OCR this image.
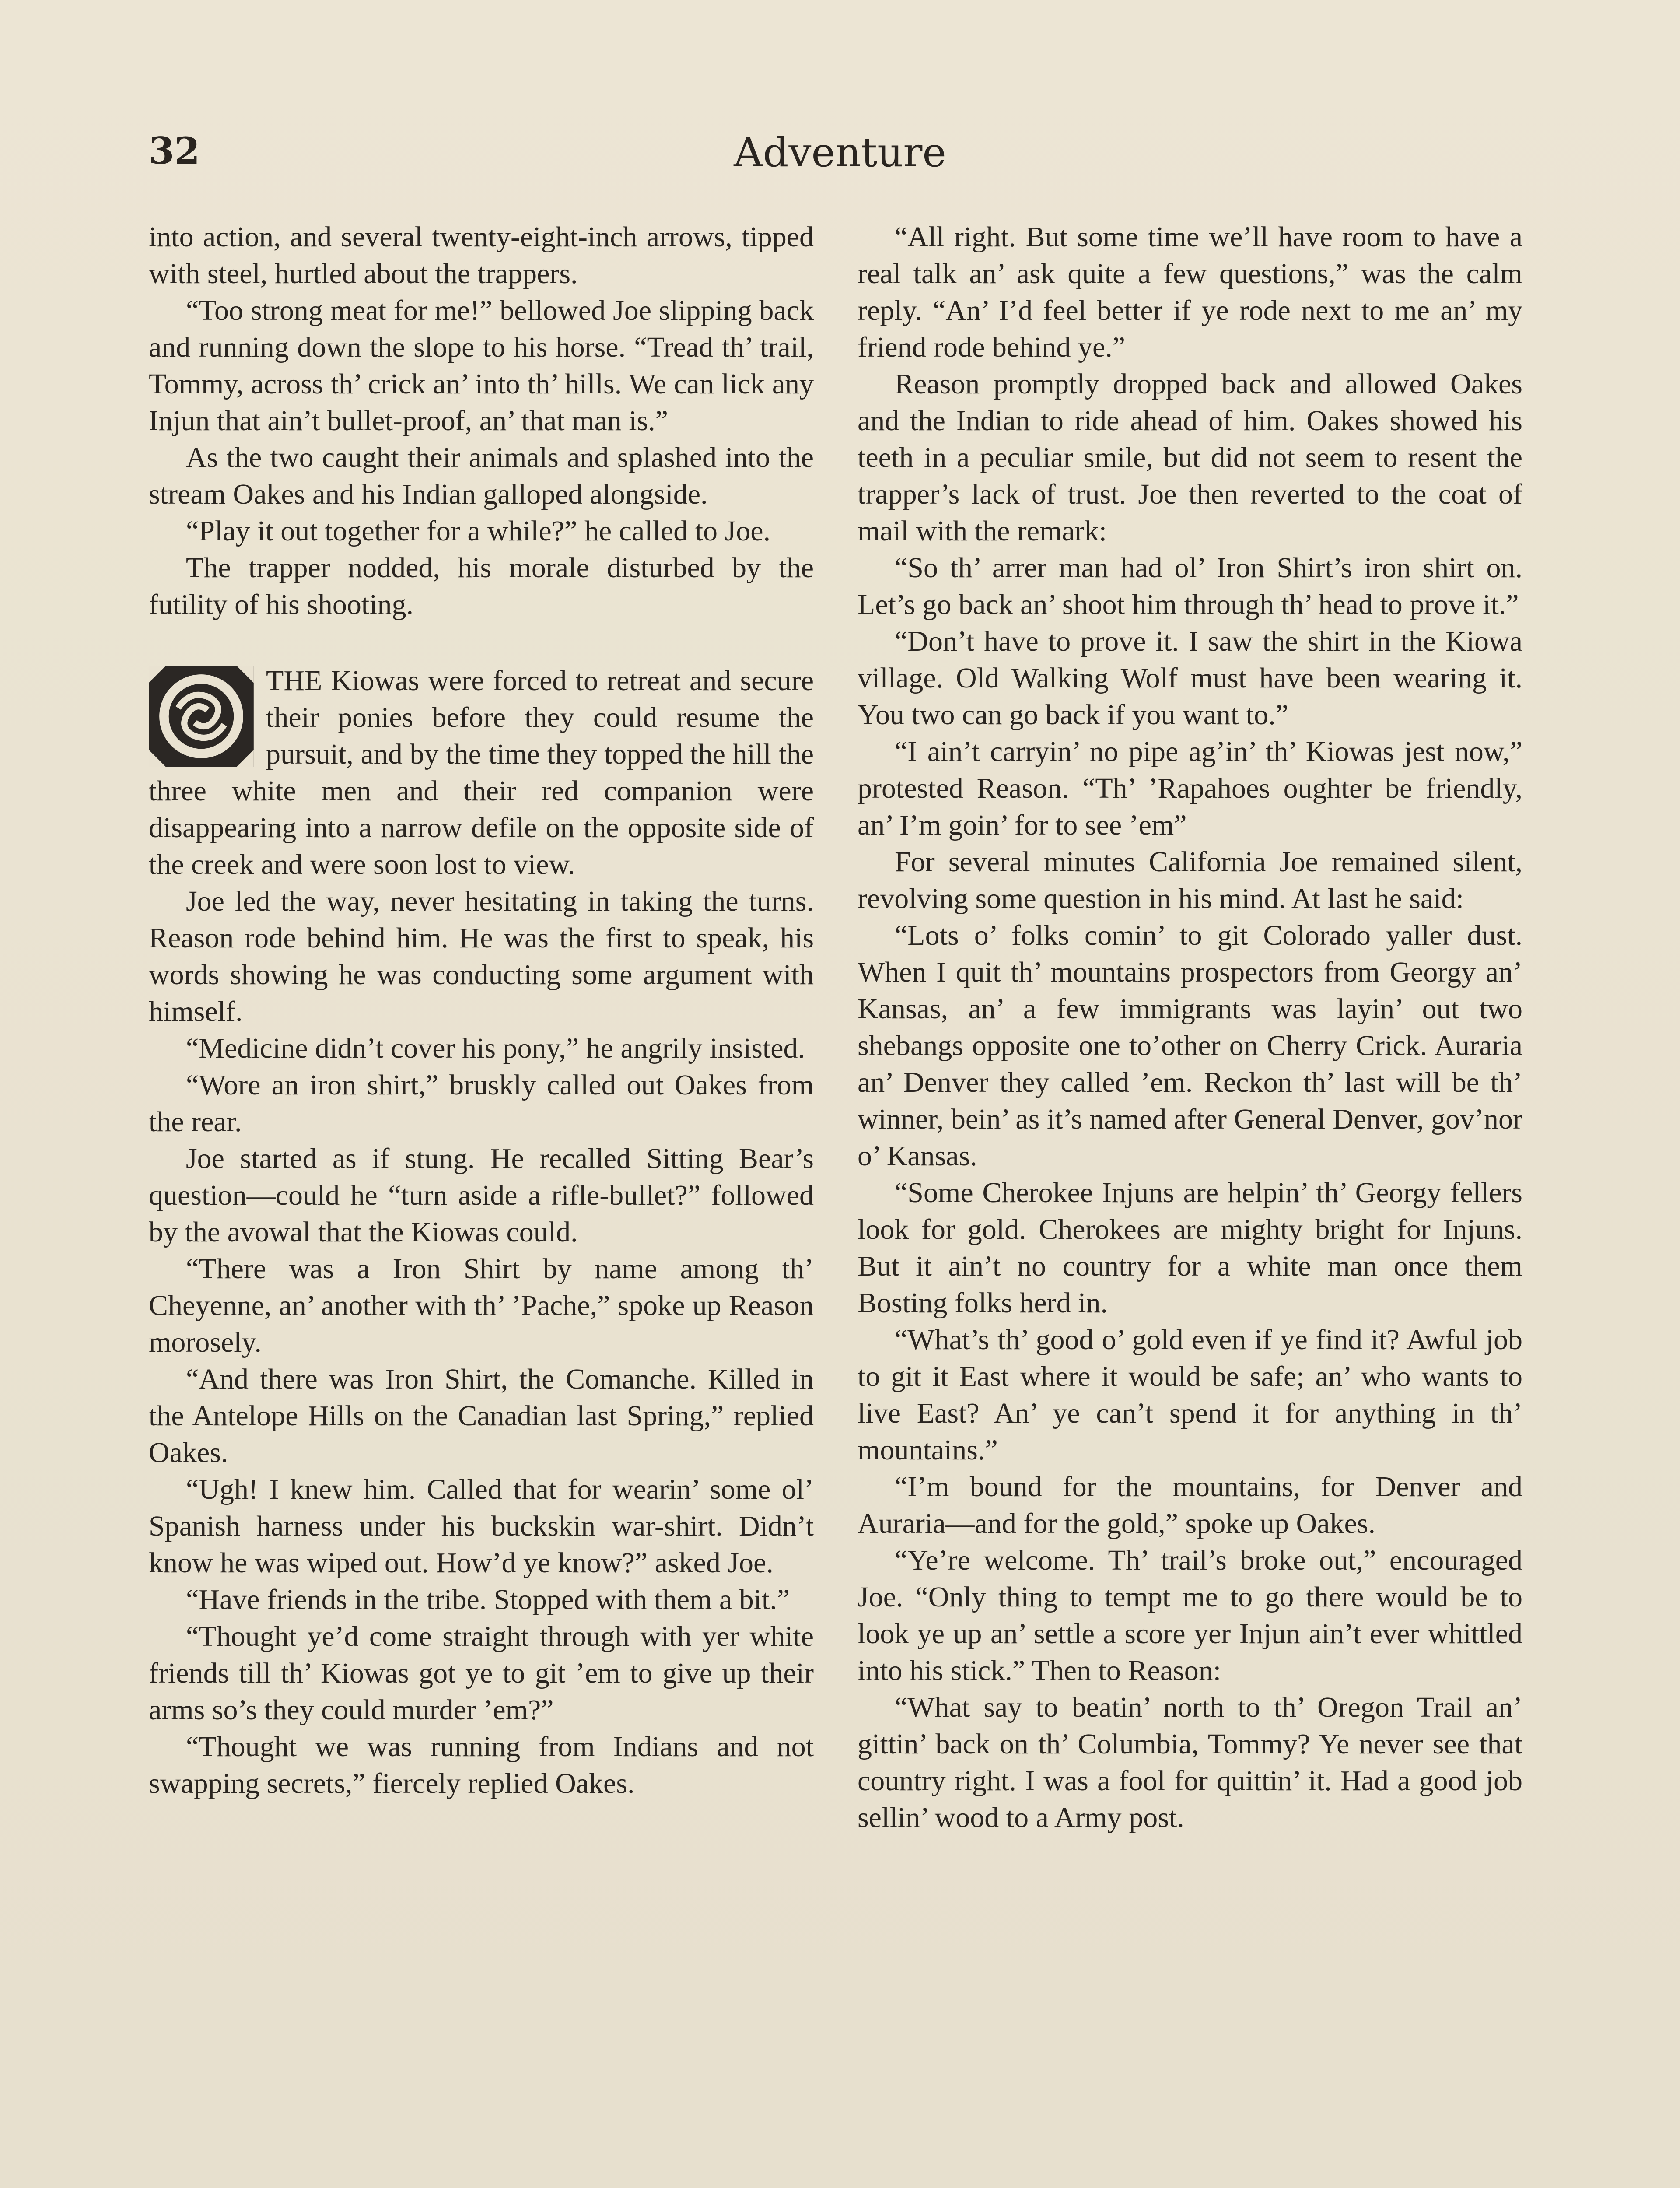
32	Adventure

into action, and several twenty-eight-inch arrows, tipped with steel, hurtled about the trappers.

“Too strong meat for me!” bellowed Joe slipping back and running down the slope to his horse. “Tread th’ trail, Tommy, across th’ crick an’ into th’ hills. We can lick any Injun that ain’t bullet-proof, an’ that man is.”

As the two caught their animals and splashed into the stream Oakes and his Indian galloped alongside.

“Play it out together for a while?” he called to Joe.

The trapper nodded, his morale disturbed by the futility of his shooting.

THE Kiowas were forced to retreat and secure their ponies before they could resume the pursuit, and by the time they topped the hill the three white men and their red companion were disappearing into a narrow defile on the opposite side of the creek and were soon lost to view.

Joe led the way, never hesitating in taking the turns. Reason rode behind him. He was the first to speak, his words showing he was conducting some argument with himself.

“Medicine didn’t cover his pony,” he angrily insisted.

“Wore an iron shirt,” bruskly called out Oakes from the rear.

Joe started as if stung. He recalled Sitting Bear’s question—could he “turn aside a rifle-bullet?” followed by the avowal that the Kiowas could.

“There was a Iron Shirt by name among th’ Cheyenne, an’ another with th’ ’Pache,” spoke up Reason morosely.

“And there was Iron Shirt, the Comanche. Killed in the Antelope Hills on the Canadian last Spring,” replied Oakes.

“Ugh! I knew him. Called that for wearin’ some ol’ Spanish harness under his buckskin war-shirt. Didn’t know he was wiped out. How’d ye know?” asked Joe.

“Have friends in the tribe. Stopped with them a bit.”

“Thought ye’d come straight through with yer white friends till th’ Kiowas got ye to git ’em to give up their arms so’s they could murder ’em?”

“Thought we was running from Indians and not swapping secrets,” fiercely replied Oakes.

“All right. But some time we’ll have room to have a real talk an’ ask quite a few questions,” was the calm reply. “An’ I’d feel better if ye rode next to me an’ my friend rode behind ye.”

Reason promptly dropped back and allowed Oakes and the Indian to ride ahead of him. Oakes showed his teeth in a peculiar smile, but did not seem to resent the trapper’s lack of trust. Joe then reverted to the coat of mail with the remark:

“So th’ arrer man had ol’ Iron Shirt’s iron shirt on. Let’s go back an’ shoot him through th’ head to prove it.”

“Don’t have to prove it. I saw the shirt in the Kiowa village. Old Walking Wolf must have been wearing it. You two can go back if you want to.”

“I ain’t carryin’ no pipe ag’in’ th’ Kiowas jest now,” protested Reason. “Th’ ’Rapahoes oughter be friendly, an’ I’m goin’ for to see ’em”

For several minutes California Joe remained silent, revolving some question in his mind. At last he said:

“Lots o’ folks comin’ to git Colorado yaller dust. When I quit th’ mountains prospectors from Georgy an’ Kansas, an’ a few immigrants was layin’ out two shebangs opposite one to’other on Cherry Crick. Auraria an’ Denver they called ’em. Reckon th’ last will be th’ winner, bein’ as it’s named after General Denver, gov’nor o’ Kansas.

“Some Cherokee Injuns are helpin’ th’ Georgy fellers look for gold. Cherokees are mighty bright for Injuns. But it ain’t no country for a white man once them Bosting folks herd in.

“What’s th’ good o’ gold even if ye find it? Awful job to git it East where it would be safe; an’ who wants to live East? An’ ye can’t spend it for anything in th’ mountains.”

“I’m bound for the mountains, for Denver and Auraria—and for the gold,” spoke up Oakes.

“Ye’re welcome. Th’ trail’s broke out,” encouraged Joe. “Only thing to tempt me to go there would be to look ye up an’ settle a score yer Injun ain’t ever whittled into his stick.” Then to Reason:

“What say to beatin’ north to th’ Oregon Trail an’ gittin’ back on th’ Columbia, Tommy? Ye never see that country right. I was a fool for quittin’ it. Had a good job sellin’ wood to a Army post.
